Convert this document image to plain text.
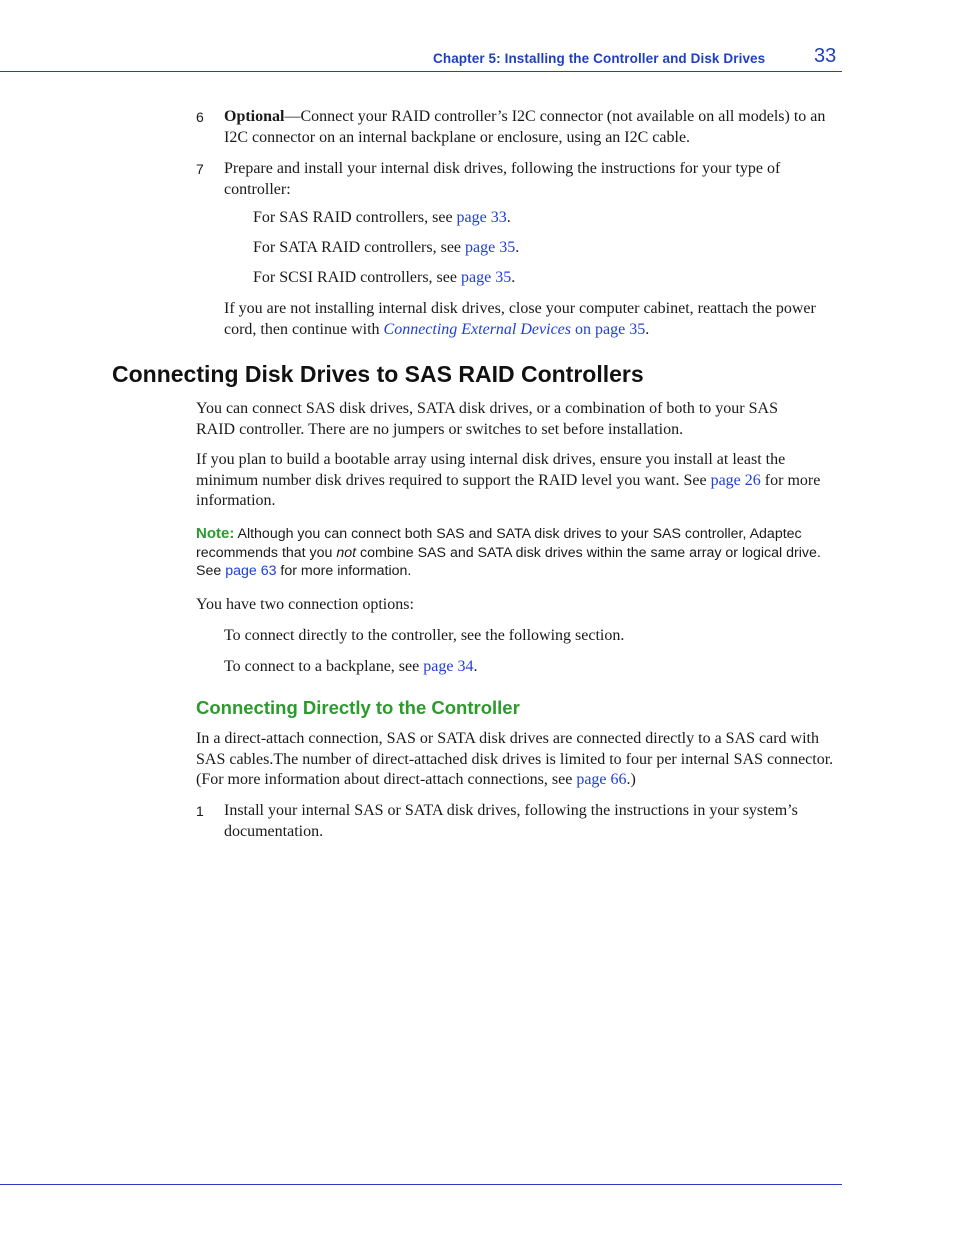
Chapter 5: Installing the Controller and Disk Drives 33
6 Optional—Connect your RAID controller’s I2C connector (not available on all models) to an I2C connector on an internal backplane or enclosure, using an I2C cable.
7 Prepare and install your internal disk drives, following the instructions for your type of controller:
For SAS RAID controllers, see page 33.
For SATA RAID controllers, see page 35.
For SCSI RAID controllers, see page 35.
If you are not installing internal disk drives, close your computer cabinet, reattach the power cord, then continue with Connecting External Devices on page 35.
Connecting Disk Drives to SAS RAID Controllers
You can connect SAS disk drives, SATA disk drives, or a combination of both to your SAS RAID controller. There are no jumpers or switches to set before installation.
If you plan to build a bootable array using internal disk drives, ensure you install at least the minimum number disk drives required to support the RAID level you want. See page 26 for more information.
Note: Although you can connect both SAS and SATA disk drives to your SAS controller, Adaptec recommends that you not combine SAS and SATA disk drives within the same array or logical drive. See page 63 for more information.
You have two connection options:
To connect directly to the controller, see the following section.
To connect to a backplane, see page 34.
Connecting Directly to the Controller
In a direct-attach connection, SAS or SATA disk drives are connected directly to a SAS card with SAS cables.The number of direct-attached disk drives is limited to four per internal SAS connector. (For more information about direct-attach connections, see page 66.)
1 Install your internal SAS or SATA disk drives, following the instructions in your system’s documentation.
